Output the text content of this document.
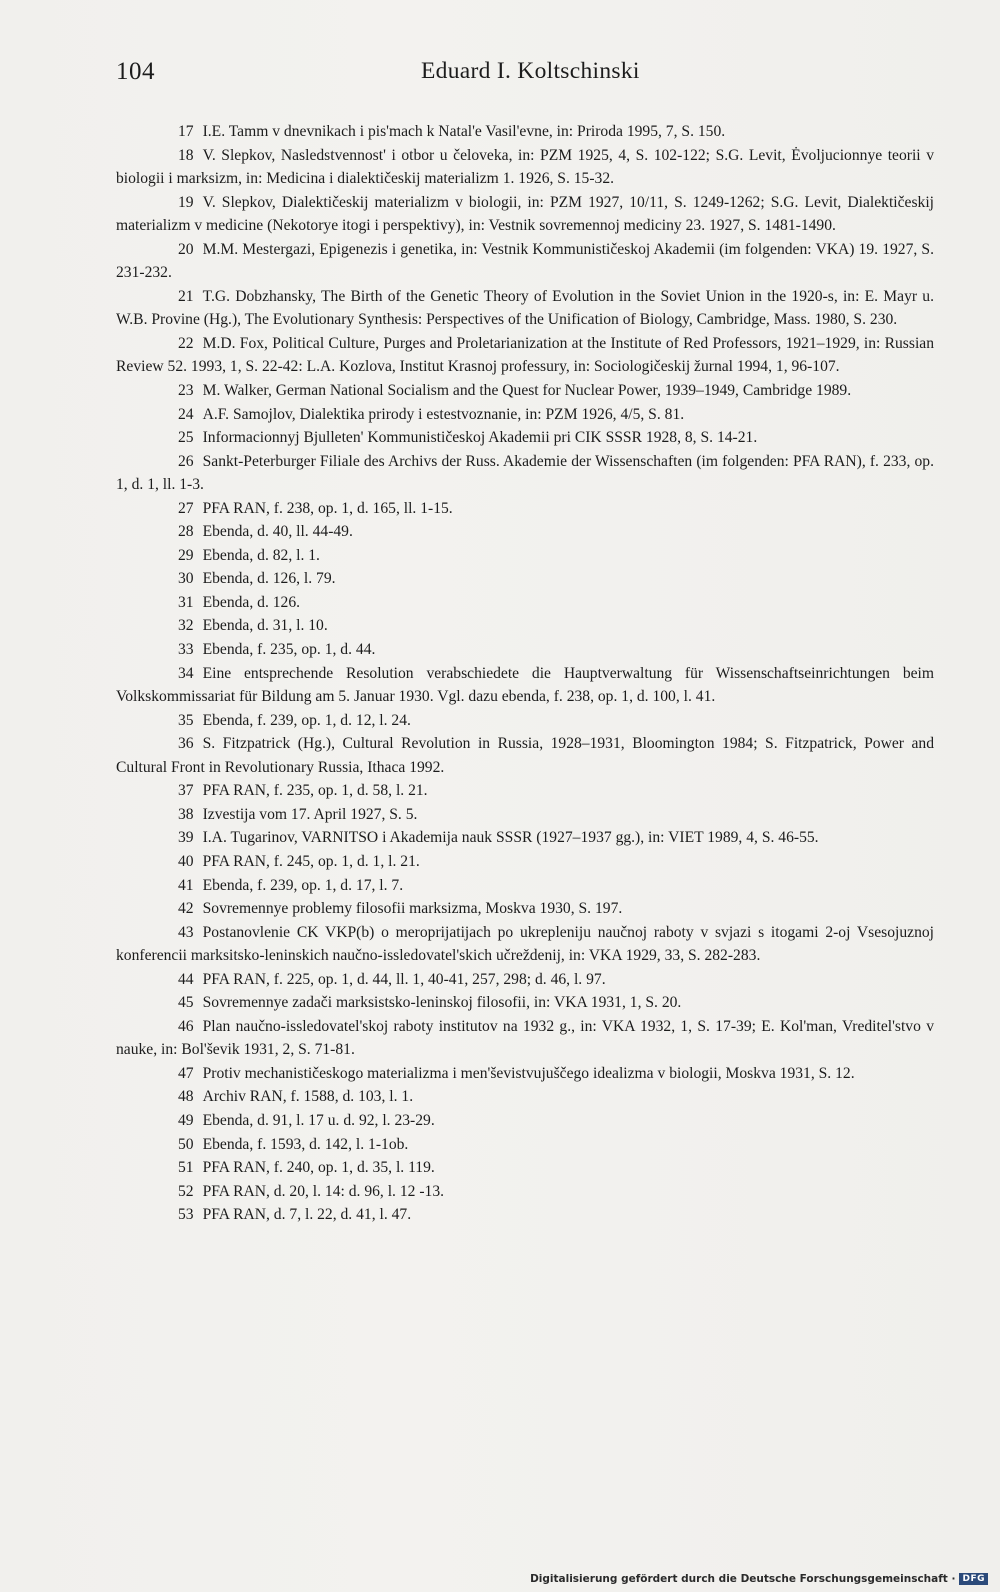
104	Eduard I. Koltschinski

17 I.E. Tamm v dnevnikach i pis'mach k Natal'e Vasil'evne, in: Priroda 1995, 7, S. 150.

18 V. Slepkov, Nasledstvennost' i otbor u čeloveka, in: PZM 1925, 4, S. 102-122; S.G. Levit, Ėvoljucionnye teorii v biologii i marksizm, in: Medicina i dialektičeskij materializm 1. 1926, S. 15-32.

19 V. Slepkov, Dialektičeskij materializm v biologii, in: PZM 1927, 10/11, S. 1249-1262; S.G. Levit, Dialektičeskij materializm v medicine (Nekotorye itogi i perspektivy), in: Vestnik sovremennoj mediciny 23. 1927, S. 1481-1490.

20 M.M. Mestergazi, Epigenezis i genetika, in: Vestnik Kommunističeskoj Akademii (im folgenden: VKA) 19. 1927, S. 231-232.

21 T.G. Dobzhansky, The Birth of the Genetic Theory of Evolution in the Soviet Union in the 1920-s, in: E. Mayr u. W.B. Provine (Hg.), The Evolutionary Synthesis: Perspectives of the Unification of Biology, Cambridge, Mass. 1980, S. 230.

22 M.D. Fox, Political Culture, Purges and Proletarianization at the Institute of Red Professors, 1921–1929, in: Russian Review 52. 1993, 1, S. 22-42: L.A. Kozlova, Institut Krasnoj professury, in: Sociologičeskij žurnal 1994, 1, 96-107.

23 M. Walker, German National Socialism and the Quest for Nuclear Power, 1939–1949, Cambridge 1989.

24 A.F. Samojlov, Dialektika prirody i estestvoznanie, in: PZM 1926, 4/5, S. 81.

25 Informacionnyj Bjulleten' Kommunističeskoj Akademii pri CIK SSSR 1928, 8, S. 14-21.

26 Sankt-Peterburger Filiale des Archivs der Russ. Akademie der Wissenschaften (im folgenden: PFA RAN), f. 233, op. 1, d. 1, ll. 1-3.

27 PFA RAN, f. 238, op. 1, d. 165, ll. 1-15.

28 Ebenda, d. 40, ll. 44-49.

29 Ebenda, d. 82, l. 1.

30 Ebenda, d. 126, l. 79.

31 Ebenda, d. 126.

32 Ebenda, d. 31, l. 10.

33 Ebenda, f. 235, op. 1, d. 44.

34 Eine entsprechende Resolution verabschiedete die Hauptverwaltung für Wissenschaftseinrichtungen beim Volkskommissariat für Bildung am 5. Januar 1930. Vgl. dazu ebenda, f. 238, op. 1, d. 100, l. 41.

35 Ebenda, f. 239, op. 1, d. 12, l. 24.

36 S. Fitzpatrick (Hg.), Cultural Revolution in Russia, 1928–1931, Bloomington 1984; S. Fitzpatrick, Power and Cultural Front in Revolutionary Russia, Ithaca 1992.

37 PFA RAN, f. 235, op. 1, d. 58, l. 21.

38 Izvestija vom 17. April 1927, S. 5.

39 I.A. Tugarinov, VARNITSO i Akademija nauk SSSR (1927–1937 gg.), in: VIET 1989, 4, S. 46-55.

40 PFA RAN, f. 245, op. 1, d. 1, l. 21.

41 Ebenda, f. 239, op. 1, d. 17, l. 7.

42 Sovremennye problemy filosofii marksizma, Moskva 1930, S. 197.

43 Postanovlenie CK VKP(b) o meroprijatijach po ukrepleniju naučnoj raboty v svjazi s itogami 2-oj Vsesojuznoj konferencii marksitsko-leninskich naučno-issledovatel'skich učreždenij, in: VKA 1929, 33, S. 282-283.

44 PFA RAN, f. 225, op. 1, d. 44, ll. 1, 40-41, 257, 298; d. 46, l. 97.

45 Sovremennye zadači marksistsko-leninskoj filosofii, in: VKA 1931, 1, S. 20.

46 Plan naučno-issledovatel'skoj raboty institutov na 1932 g., in: VKA 1932, 1, S. 17-39; E. Kol'man, Vreditel'stvo v nauke, in: Bol'ševik 1931, 2, S. 71-81.

47 Protiv mechanističeskogo materializma i men'ševistvujuščego idealizma v biologii, Moskva 1931, S. 12.

48 Archiv RAN, f. 1588, d. 103, l. 1.

49 Ebenda, d. 91, l. 17 u. d. 92, l. 23-29.

50 Ebenda, f. 1593, d. 142, l. 1-1ob.

51 PFA RAN, f. 240, op. 1, d. 35, l. 119.

52 PFA RAN, d. 20, l. 14: d. 96, l. 12 -13.

53 PFA RAN, d. 7, l. 22, d. 41, l. 47.

Digitalisierung gefördert durch die Deutsche Forschungsgemeinschaft · DFG
